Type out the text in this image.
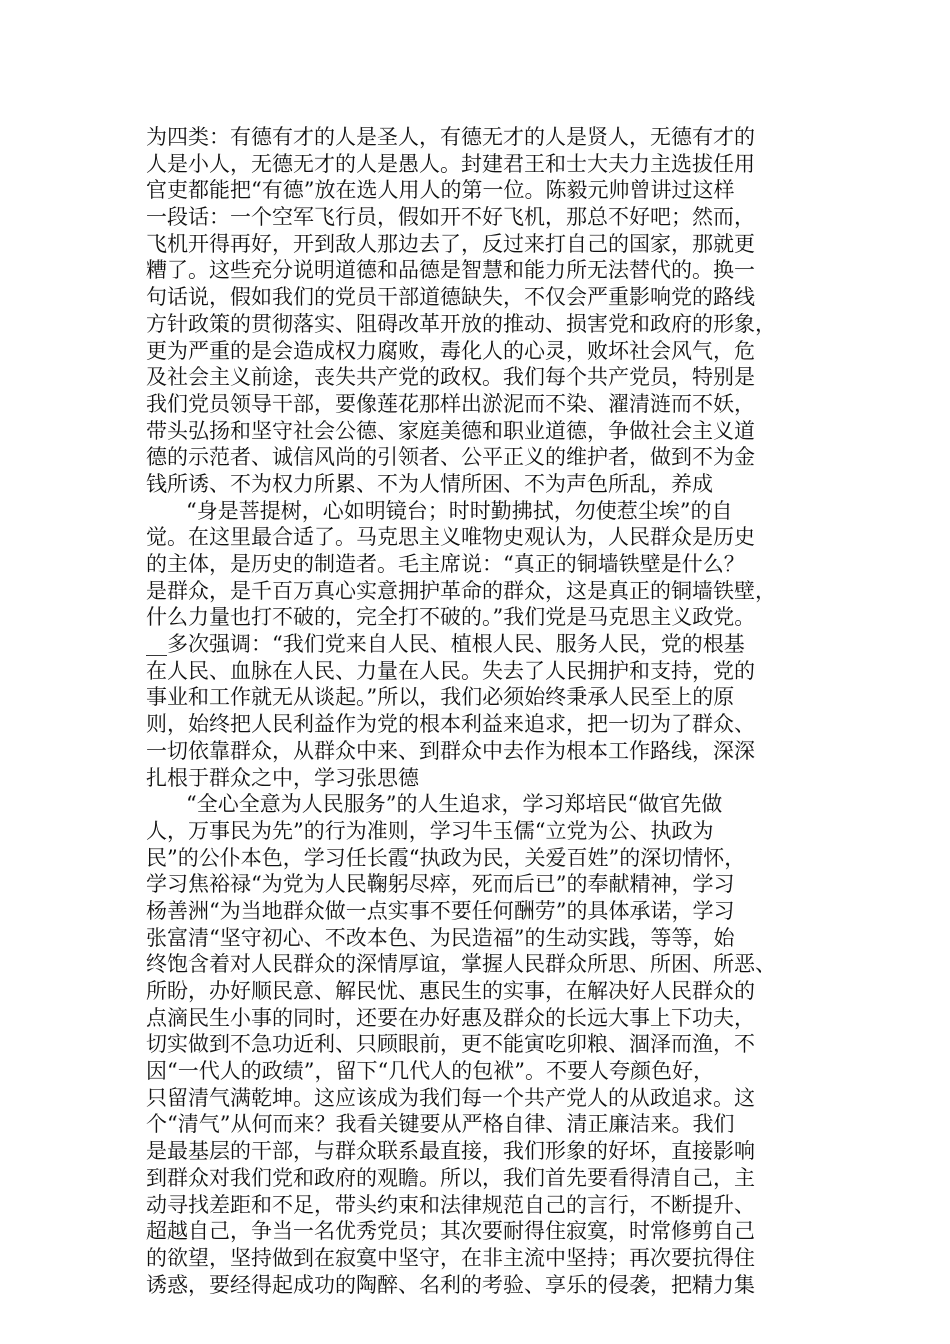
为四类：有德有才的人是圣人，有德无才的人是贤人，无德有才的
人是小人，无德无才的人是愚人。封建君王和士大夫力主选拔任用
官吏都能把“有德”放在选人用人的第一位。陈毅元帅曾讲过这样
一段话：一个空军飞行员，假如开不好飞机，那总不好吧；然而，
飞机开得再好，开到敌人那边去了，反过来打自己的国家，那就更
糟了。这些充分说明道德和品德是智慧和能力所无法替代的。换一
句话说，假如我们的党员干部道德缺失，不仅会严重影响党的路线
方针政策的贯彻落实、阻碍改革开放的推动、损害党和政府的形象，
更为严重的是会造成权力腐败，毒化人的心灵，败坏社会风气，危
及社会主义前途，丧失共产党的政权。我们每个共产党员，特别是
我们党员领导干部，要像莲花那样出淤泥而不染、濯清涟而不妖，
带头弘扬和坚守社会公德、家庭美德和职业道德，争做社会主义道
德的示范者、诚信风尚的引领者、公平正义的维护者，做到不为金
钱所诱、不为权力所累、不为人情所困、不为声色所乱，养成
“身是菩提树，心如明镜台；时时勤拂拭，勿使惹尘埃”的自
觉。在这里最合适了。马克思主义唯物史观认为，人民群众是历史
的主体，是历史的制造者。毛主席说：“真正的铜墙铁壁是什么？
是群众，是千百万真心实意拥护革命的群众，这是真正的铜墙铁壁，
什么力量也打不破的，完全打不破的。”我们党是马克思主义政党。
__多次强调：“我们党来自人民、植根人民、服务人民，党的根基
在人民、血脉在人民、力量在人民。失去了人民拥护和支持，党的
事业和工作就无从谈起。”所以，我们必须始终秉承人民至上的原
则，始终把人民利益作为党的根本利益来追求，把一切为了群众、
一切依靠群众，从群众中来、到群众中去作为根本工作路线，深深
扎根于群众之中，学习张思德
“全心全意为人民服务”的人生追求，学习郑培民“做官先做
人，万事民为先”的行为准则，学习牛玉儒“立党为公、执政为
民”的公仆本色，学习任长霞“执政为民，关爱百姓”的深切情怀，
学习焦裕禄“为党为人民鞠躬尽瘁，死而后已”的奉献精神，学习
杨善洲“为当地群众做一点实事不要任何酬劳”的具体承诺，学习
张富清“坚守初心、不改本色、为民造福”的生动实践，等等，始
终饱含着对人民群众的深情厚谊，掌握人民群众所思、所困、所恶、
所盼，办好顺民意、解民忧、惠民生的实事，在解决好人民群众的
点滴民生小事的同时，还要在办好惠及群众的长远大事上下功夫，
切实做到不急功近利、只顾眼前，更不能寅吃卯粮、涸泽而渔，不
因“一代人的政绩”，留下“几代人的包袱”。不要人夸颜色好，
只留清气满乾坤。这应该成为我们每一个共产党人的从政追求。这
个“清气”从何而来？我看关键要从严格自律、清正廉洁来。我们
是最基层的干部，与群众联系最直接，我们形象的好坏，直接影响
到群众对我们党和政府的观瞻。所以，我们首先要看得清自己，主
动寻找差距和不足，带头约束和法律规范自己的言行，不断提升、
超越自己，争当一名优秀党员；其次要耐得住寂寞，时常修剪自己
的欲望，坚持做到在寂寞中坚守，在非主流中坚持；再次要抗得住
诱惑，要经得起成功的陶醉、名利的考验、享乐的侵袭，把精力集
